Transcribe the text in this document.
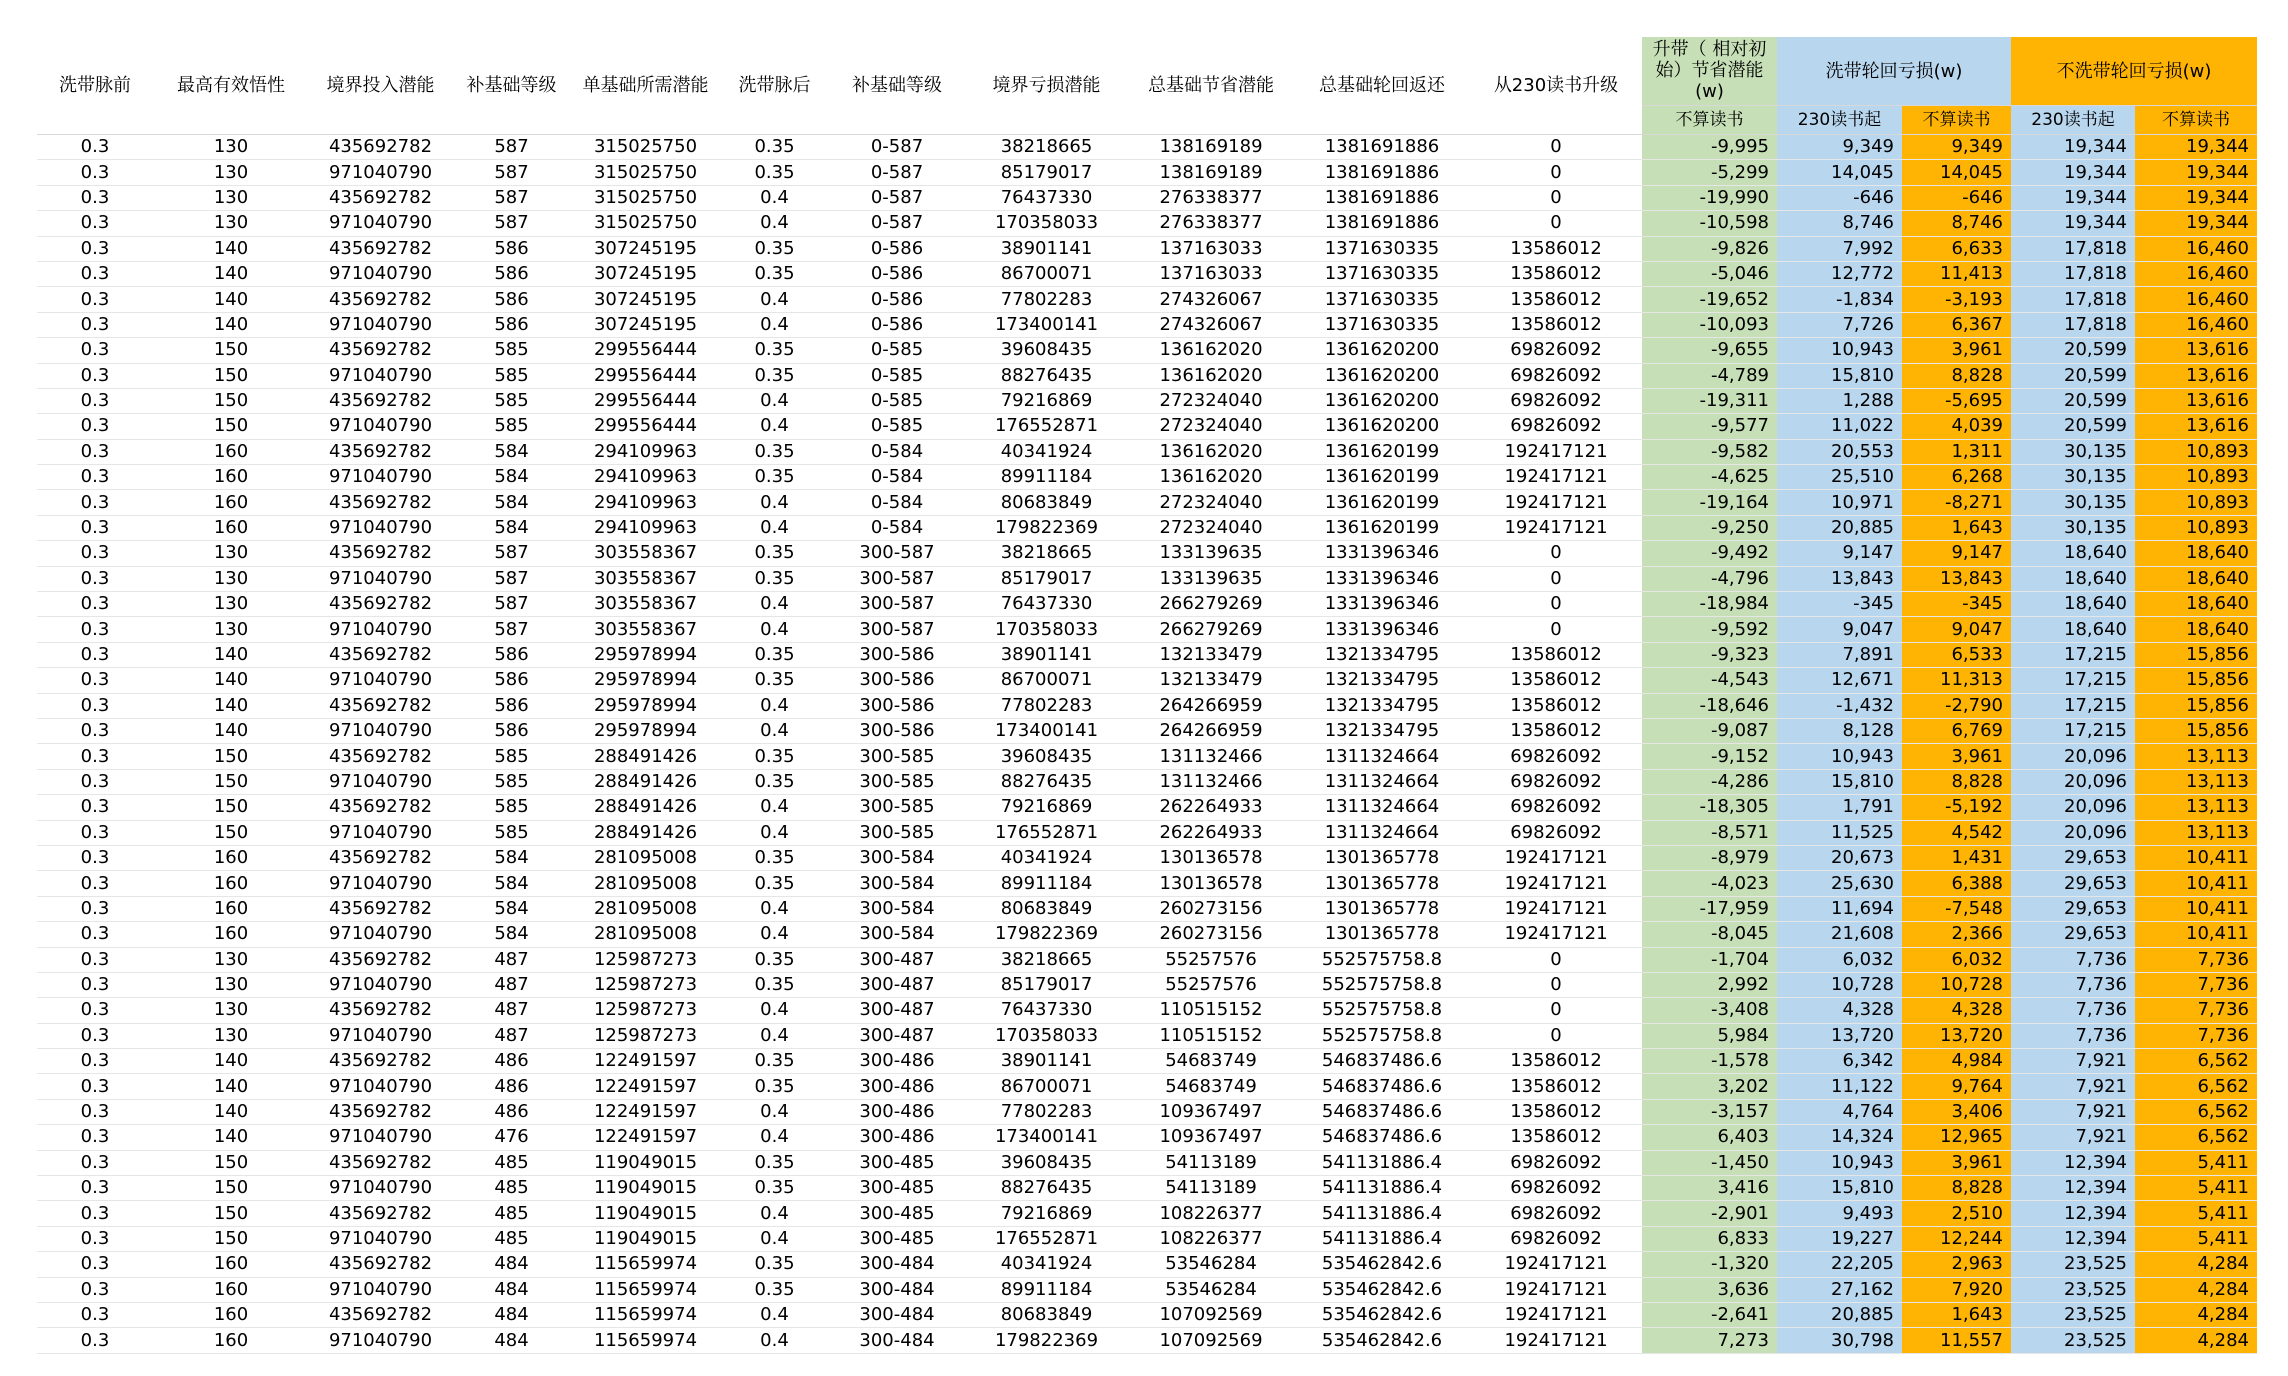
洗带脉前	最高有效悟性	境界投入潜能	补基础等级	单基础所需潜能	洗带脉后	补基础等级	境界亏损潜能	总基础节省潜能	总基础轮回返还	从230读书升级	升带（ 相对初始）节省潜能(w)	洗带轮回亏损(w)		不洗带轮回亏损(w)	
											不算读书	230读书起	不算读书	230读书起	不算读书
0.3	130	435692782	587	315025750	0.35	0-587	38218665	138169189	1381691886	0	-9,995	9,349	9,349	19,344	19,344
0.3	130	971040790	587	315025750	0.35	0-587	85179017	138169189	1381691886	0	-5,299	14,045	14,045	19,344	19,344
0.3	130	435692782	587	315025750	0.4	0-587	76437330	276338377	1381691886	0	-19,990	-646	-646	19,344	19,344
0.3	130	971040790	587	315025750	0.4	0-587	170358033	276338377	1381691886	0	-10,598	8,746	8,746	19,344	19,344
0.3	140	435692782	586	307245195	0.35	0-586	38901141	137163033	1371630335	13586012	-9,826	7,992	6,633	17,818	16,460
0.3	140	971040790	586	307245195	0.35	0-586	86700071	137163033	1371630335	13586012	-5,046	12,772	11,413	17,818	16,460
0.3	140	435692782	586	307245195	0.4	0-586	77802283	274326067	1371630335	13586012	-19,652	-1,834	-3,193	17,818	16,460
0.3	140	971040790	586	307245195	0.4	0-586	173400141	274326067	1371630335	13586012	-10,093	7,726	6,367	17,818	16,460
0.3	150	435692782	585	299556444	0.35	0-585	39608435	136162020	1361620200	69826092	-9,655	10,943	3,961	20,599	13,616
0.3	150	971040790	585	299556444	0.35	0-585	88276435	136162020	1361620200	69826092	-4,789	15,810	8,828	20,599	13,616
0.3	150	435692782	585	299556444	0.4	0-585	79216869	272324040	1361620200	69826092	-19,311	1,288	-5,695	20,599	13,616
0.3	150	971040790	585	299556444	0.4	0-585	176552871	272324040	1361620200	69826092	-9,577	11,022	4,039	20,599	13,616
0.3	160	435692782	584	294109963	0.35	0-584	40341924	136162020	1361620199	192417121	-9,582	20,553	1,311	30,135	10,893
0.3	160	971040790	584	294109963	0.35	0-584	89911184	136162020	1361620199	192417121	-4,625	25,510	6,268	30,135	10,893
0.3	160	435692782	584	294109963	0.4	0-584	80683849	272324040	1361620199	192417121	-19,164	10,971	-8,271	30,135	10,893
0.3	160	971040790	584	294109963	0.4	0-584	179822369	272324040	1361620199	192417121	-9,250	20,885	1,643	30,135	10,893
0.3	130	435692782	587	303558367	0.35	300-587	38218665	133139635	1331396346	0	-9,492	9,147	9,147	18,640	18,640
0.3	130	971040790	587	303558367	0.35	300-587	85179017	133139635	1331396346	0	-4,796	13,843	13,843	18,640	18,640
0.3	130	435692782	587	303558367	0.4	300-587	76437330	266279269	1331396346	0	-18,984	-345	-345	18,640	18,640
0.3	130	971040790	587	303558367	0.4	300-587	170358033	266279269	1331396346	0	-9,592	9,047	9,047	18,640	18,640
0.3	140	435692782	586	295978994	0.35	300-586	38901141	132133479	1321334795	13586012	-9,323	7,891	6,533	17,215	15,856
0.3	140	971040790	586	295978994	0.35	300-586	86700071	132133479	1321334795	13586012	-4,543	12,671	11,313	17,215	15,856
0.3	140	435692782	586	295978994	0.4	300-586	77802283	264266959	1321334795	13586012	-18,646	-1,432	-2,790	17,215	15,856
0.3	140	971040790	586	295978994	0.4	300-586	173400141	264266959	1321334795	13586012	-9,087	8,128	6,769	17,215	15,856
0.3	150	435692782	585	288491426	0.35	300-585	39608435	131132466	1311324664	69826092	-9,152	10,943	3,961	20,096	13,113
0.3	150	971040790	585	288491426	0.35	300-585	88276435	131132466	1311324664	69826092	-4,286	15,810	8,828	20,096	13,113
0.3	150	435692782	585	288491426	0.4	300-585	79216869	262264933	1311324664	69826092	-18,305	1,791	-5,192	20,096	13,113
0.3	150	971040790	585	288491426	0.4	300-585	176552871	262264933	1311324664	69826092	-8,571	11,525	4,542	20,096	13,113
0.3	160	435692782	584	281095008	0.35	300-584	40341924	130136578	1301365778	192417121	-8,979	20,673	1,431	29,653	10,411
0.3	160	971040790	584	281095008	0.35	300-584	89911184	130136578	1301365778	192417121	-4,023	25,630	6,388	29,653	10,411
0.3	160	435692782	584	281095008	0.4	300-584	80683849	260273156	1301365778	192417121	-17,959	11,694	-7,548	29,653	10,411
0.3	160	971040790	584	281095008	0.4	300-584	179822369	260273156	1301365778	192417121	-8,045	21,608	2,366	29,653	10,411
0.3	130	435692782	487	125987273	0.35	300-487	38218665	55257576	552575758.8	0	-1,704	6,032	6,032	7,736	7,736
0.3	130	971040790	487	125987273	0.35	300-487	85179017	55257576	552575758.8	0	2,992	10,728	10,728	7,736	7,736
0.3	130	435692782	487	125987273	0.4	300-487	76437330	110515152	552575758.8	0	-3,408	4,328	4,328	7,736	7,736
0.3	130	971040790	487	125987273	0.4	300-487	170358033	110515152	552575758.8	0	5,984	13,720	13,720	7,736	7,736
0.3	140	435692782	486	122491597	0.35	300-486	38901141	54683749	546837486.6	13586012	-1,578	6,342	4,984	7,921	6,562
0.3	140	971040790	486	122491597	0.35	300-486	86700071	54683749	546837486.6	13586012	3,202	11,122	9,764	7,921	6,562
0.3	140	435692782	486	122491597	0.4	300-486	77802283	109367497	546837486.6	13586012	-3,157	4,764	3,406	7,921	6,562
0.3	140	971040790	476	122491597	0.4	300-486	173400141	109367497	546837486.6	13586012	6,403	14,324	12,965	7,921	6,562
0.3	150	435692782	485	119049015	0.35	300-485	39608435	54113189	541131886.4	69826092	-1,450	10,943	3,961	12,394	5,411
0.3	150	971040790	485	119049015	0.35	300-485	88276435	54113189	541131886.4	69826092	3,416	15,810	8,828	12,394	5,411
0.3	150	435692782	485	119049015	0.4	300-485	79216869	108226377	541131886.4	69826092	-2,901	9,493	2,510	12,394	5,411
0.3	150	971040790	485	119049015	0.4	300-485	176552871	108226377	541131886.4	69826092	6,833	19,227	12,244	12,394	5,411
0.3	160	435692782	484	115659974	0.35	300-484	40341924	53546284	535462842.6	192417121	-1,320	22,205	2,963	23,525	4,284
0.3	160	971040790	484	115659974	0.35	300-484	89911184	53546284	535462842.6	192417121	3,636	27,162	7,920	23,525	4,284
0.3	160	435692782	484	115659974	0.4	300-484	80683849	107092569	535462842.6	192417121	-2,641	20,885	1,643	23,525	4,284
0.3	160	971040790	484	115659974	0.4	300-484	179822369	107092569	535462842.6	192417121	7,273	30,798	11,557	23,525	4,284
